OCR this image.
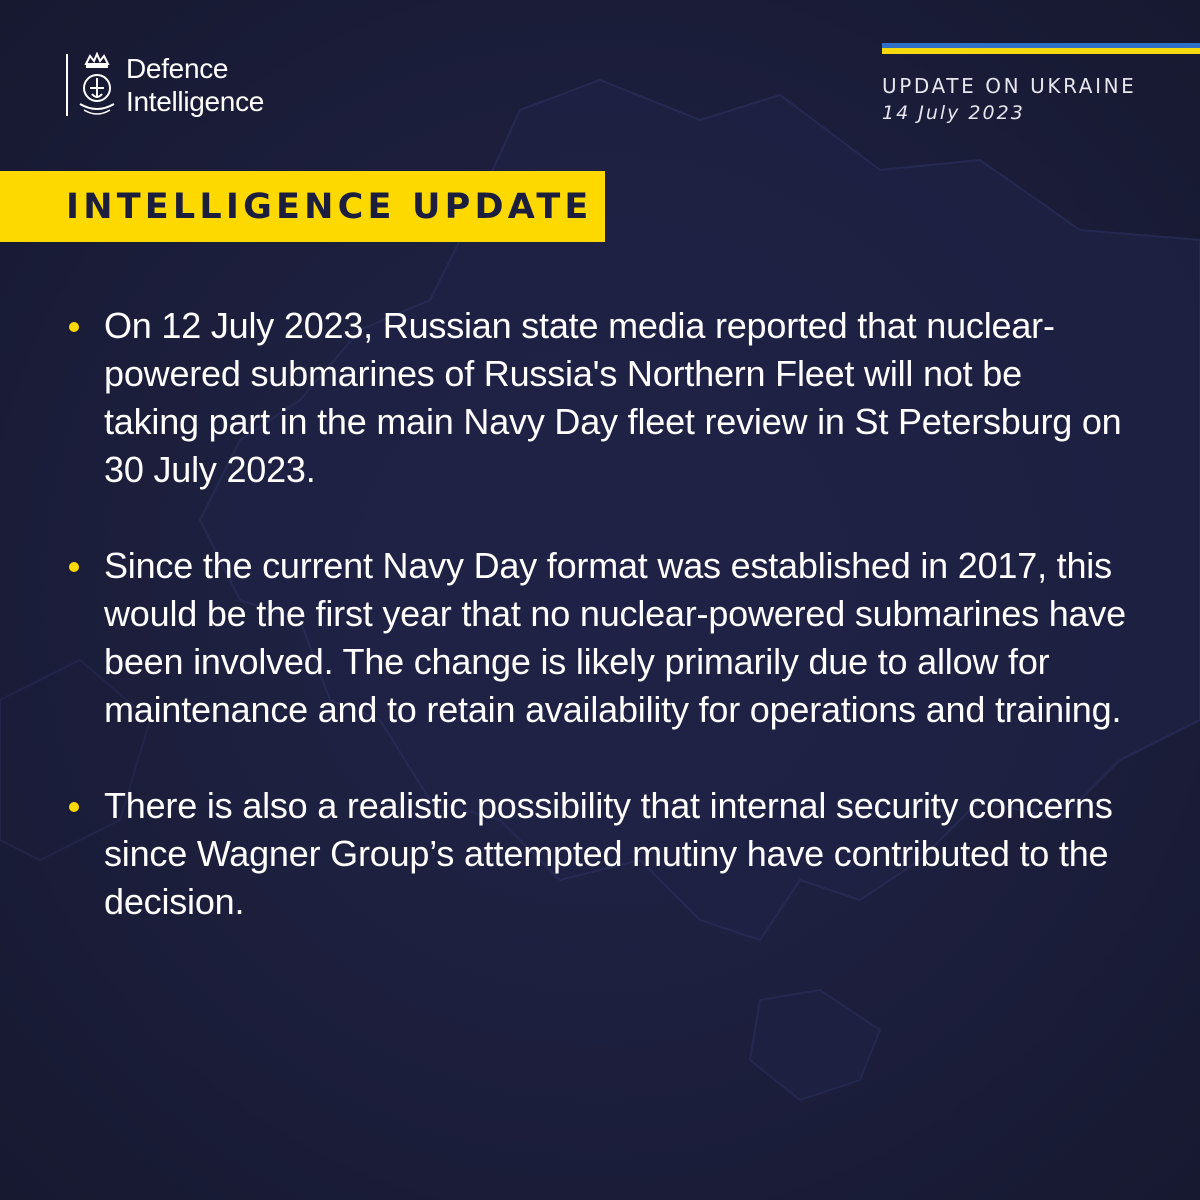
Defence
Intelligence	UPDATE ON UKRAINE
14 July 2023
INTELLIGENCE UPDATE
On 12 July 2023, Russian state media reported that nuclear-powered submarines of Russia's Northern Fleet will not be taking part in the main Navy Day fleet review in St Petersburg on 30 July 2023.
Since the current Navy Day format was established in 2017, this would be the first year that no nuclear-powered submarines have been involved. The change is likely primarily due to allow for maintenance and to retain availability for operations and training.
There is also a realistic possibility that internal security concerns since Wagner Group’s attempted mutiny have contributed to the decision.
